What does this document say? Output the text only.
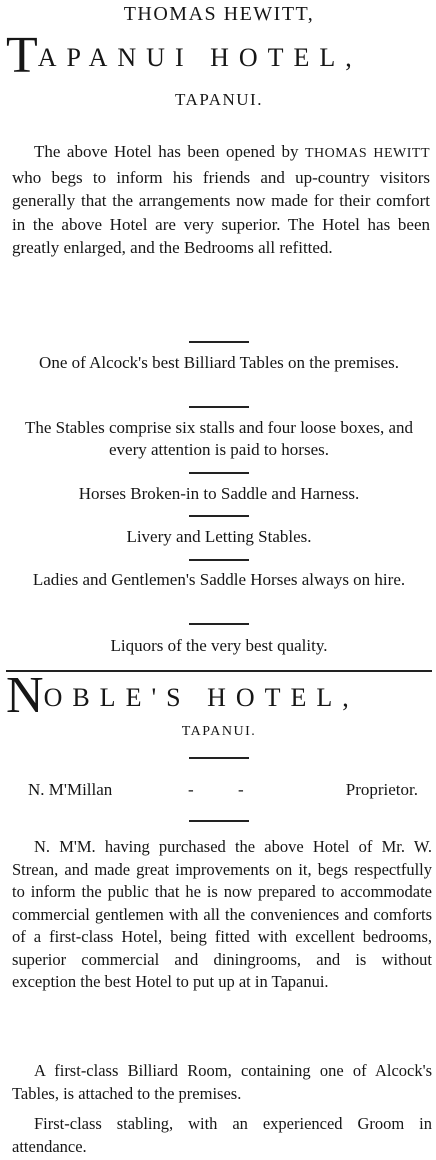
THOMAS HEWITT,
TAPANUI HOTEL,
TAPANUI.
The above Hotel has been opened by THOMAS HEWITT who begs to inform his friends and up-country visitors generally that the arrangements now made for their comfort in the above Hotel are very superior. The Hotel has been greatly enlarged, and the Bedrooms all refitted.
One of Alcock's best Billiard Tables on the premises.
The Stables comprise six stalls and four loose boxes, and every attention is paid to horses.
Horses Broken-in to Saddle and Harness.
Livery and Letting Stables.
Ladies and Gentlemen's Saddle Horses always on hire.
Liquors of the very best quality.
NOBLE'S HOTEL,
TAPANUI.
N. M'Millan	-	-	Proprietor.
N. M'M. having purchased the above Hotel of Mr. W. Strean, and made great improvements on it, begs respectfully to inform the public that he is now prepared to accommodate commercial gentlemen with all the conveniences and comforts of a first-class Hotel, being fitted with excellent bedrooms, superior commercial and diningrooms, and is without exception the best Hotel to put up at in Tapanui.
A first-class Billiard Room, containing one of Alcock's Tables, is attached to the premises.
First-class stabling, with an experienced Groom in attendance.
